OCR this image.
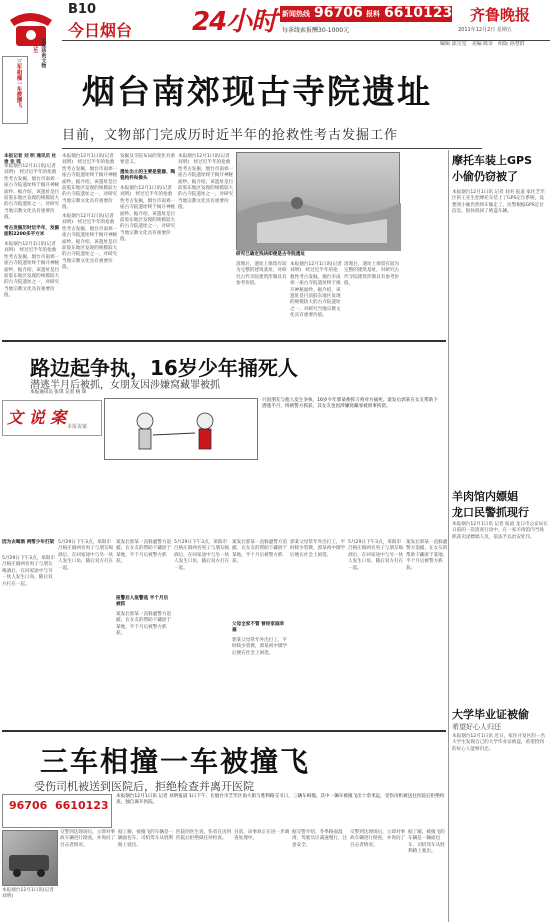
B10
今日烟台 24小时 新闻热线 96706 报料 6610123
每条线索报酬30-1000元
齐鲁晚报
2011年12月2日 星期五
编辑 邵宝堂　美编 陈奇　组版 孙慧群
三车相撞一车被撞飞
李先生 发现珍贵文物
烟台南郊现古寺院遗址
目前，文物部门完成历时近半年的抢救性考古发掘工作
本报记者 刘 明 通讯员 杜贵 张 鸣
本报烟台12月1日讯(记者 刘明)　经过近半年的抢救性考古发掘，烟台市南郊一座古寺院遗址终于揭开神秘面纱。据介绍，该遗址是目前胶东地区发现的规模较大的古寺院遗址之一，对研究当地宗教文化具有重要价值。
考古发掘历时近半年，发掘面积2200多平方米
本报烟台12月1日讯(记者 刘明)　经过近半年的抢救性考古发掘，烟台市南郊一座古寺院遗址终于揭开神秘面纱。据介绍，该遗址是目前胶东地区发现的规模较大的古寺院遗址之一，对研究当地宗教文化具有重要价值。
本报烟台12月1日讯(记者 刘明)　经过近半年的抢救性考古发掘，烟台市南郊一座古寺院遗址终于揭开神秘面纱。据介绍，该遗址是目前胶东地区发现的规模较大的古寺院遗址之一，对研究当地宗教文化具有重要价值。
本报烟台12月1日讯(记者 刘明)　经过近半年的抢救性考古发掘，烟台市南郊一座古寺院遗址终于揭开神秘面纱。据介绍，该遗址是目前胶东地区发现的规模较大的古寺院遗址之一，对研究当地宗教文化具有重要价值。
发掘及寺院布局的变化有重要意义。
遗址出土的主要是瓷器、陶瓷构件和佛头
本报烟台12月1日讯(记者 刘明)　经过近半年的抢救性考古发掘，烟台市南郊一座古寺院遗址终于揭开神秘面纱。据介绍，该遗址是目前胶东地区发现的规模较大的古寺院遗址之一，对研究当地宗教文化具有重要价值。
本报烟台12月1日讯(记者 刘明)　经过近半年的抢救性考古发掘，烟台市南郊一座古寺院遗址终于揭开神秘面纱。据介绍，该遗址是目前胶东地区发现的规模较大的古寺院遗址之一，对研究当地宗教文化具有重要价值。
研究已确定残块即便是古寺院遗址
清理后，遗址上保留有较为完整的建筑基址，对研究古代寺院建筑形制具有参考价值。
本报烟台12月1日讯(记者 刘明)　经过近半年的抢救性考古发掘，烟台市南郊一座古寺院遗址终于揭开神秘面纱。据介绍，该遗址是目前胶东地区发现的规模较大的古寺院遗址之一，对研究当地宗教文化具有重要价值。
清理后，遗址上保留有较为完整的建筑基址，对研究古代寺院建筑形制具有参考价值。
摩托车装上GPS
小偷仍窃被了
本报烟台12月1日讯 记者 刘君 报道 家住芝罘区的王先生把摩托车装上了GPS定位系统，没想到小偷仍然将车偷走了。民警根据GPS定位信息，很快找回了被盗车辆。
羊肉馆内嫖娼
龙口民警抓现行
本报烟台12月1日讯 记者 报道 龙口市公安局在日前的一次清查行动中，在一家羊肉馆内当场抓获卖淫嫖娼人员，依法予以治安处罚。
大学毕业证被偷
希望好心人归还
本报烟台12月1日讯 近日，家住开发区的一名大学生发现自己的大学毕业证被盗，希望捡到的好心人能够归还。
路边起争执，16岁少年捅死人
潜逃半月后被抓，女朋友因涉嫌窝藏罪被抓
本报通讯员 张琪 记者 杨 琛
文 说 案 本报说案
只因朋友与他人发生争执，16岁少年郭某便挥刀将对方捅死。案发后郭某在女友帮助下潜逃半月，终被警方抓获，其女友也因涉嫌窝藏罪被刑事拘留。
因为去喝酒 两帮少年打架
5月29日下午3点，莱阳市吕格庄镇两名男子与朋友喝酒后，在回家途中与另一伙人发生口角，随后双方打在一起。
5月29日下午3点，莱阳市吕格庄镇两名男子与朋友喝酒后，在回家途中与另一伙人发生口角，随后双方打在一起。
案发后郭某一直躲避警方追捕，在女友的帮助下藏匿于某地，半个月后被警方抓获。
报警后人报警逃 半个月后被抓
案发后郭某一直躲避警方追捕，在女友的帮助下藏匿于某地，半个月后被警方抓获。
5月29日下午3点，莱阳市吕格庄镇两名男子与朋友喝酒后，在回家途中与另一伙人发生口角，随后双方打在一起。
案发后郭某一直躲避警方追捕，在女友的帮助下藏匿于某地，半个月后被警方抓获。
父母全家不管 曾经家庭幸福
郭某父母常年外出打工，平时缺少管教，郭某初中辍学后便在社会上闲逛。
郭某父母常年外出打工，平时缺少管教，郭某初中辍学后便在社会上闲逛。
5月29日下午3点，莱阳市吕格庄镇两名男子与朋友喝酒后，在回家途中与另一伙人发生口角，随后双方打在一起。
案发后郭某一直躲避警方追捕，在女友的帮助下藏匿于某地，半个月后被警方抓获。
三车相撞一车被撞飞
受伤司机被送到医院后，拒绝检查并离开医院
96706 6610123
本报烟台12月1日讯 记者 刘明报道 1日下午，在烟台市芝罘区南大街与胜利路交叉口，三辆车相撞，其中一辆车被撞飞出十余米远，受伤司机被送往医院后拒绝检查，独自离开医院。
本报烟台12月1日讯(记者 刘明)
交警到达现场后，立即对事故车辆进行勘查，并询问了目击者情况。
据了解，被撞飞的车辆是一辆面包车，司机驾车从胜利路上驶出。
医院的医生说，伤者在送到医院后拒绝做任何检查。
目前，该事故正在进一步调查处理中。
据交警介绍，冬季路面湿滑，驾驶员应减速慢行，注意安全。
交警到达现场后，立即对事故车辆进行勘查，并询问了目击者情况。
据了解，被撞飞的车辆是一辆面包车，司机驾车从胜利路上驶出。
